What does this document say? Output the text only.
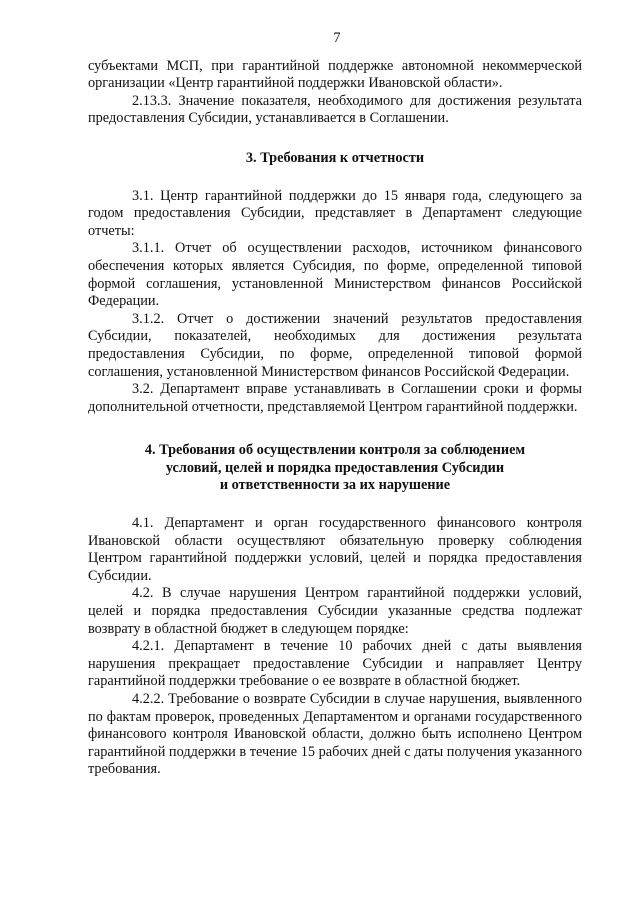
7

субъектами МСП, при гарантийной поддержке автономной некоммерческой организации «Центр гарантийной поддержки Ивановской области».

2.13.3. Значение показателя, необходимого для достижения результата предоставления Субсидии, устанавливается в Соглашении.

3. Требования к отчетности

3.1. Центр гарантийной поддержки до 15 января года, следующего за годом предоставления Субсидии, представляет в Департамент следующие отчеты:

3.1.1. Отчет об осуществлении расходов, источником финансового обеспечения которых является Субсидия, по форме, определенной типовой формой соглашения, установленной Министерством финансов Российской Федерации.

3.1.2. Отчет о достижении значений результатов предоставления Субсидии, показателей, необходимых для достижения результата предоставления Субсидии, по форме, определенной типовой формой соглашения, установленной Министерством финансов Российской Федерации.

3.2. Департамент вправе устанавливать в Соглашении сроки и формы дополнительной отчетности, представляемой Центром гарантийной поддержки.

4. Требования об осуществлении контроля за соблюдением
условий, целей и порядка предоставления Субсидии
и ответственности за их нарушение

4.1. Департамент и орган государственного финансового контроля Ивановской области осуществляют обязательную проверку соблюдения Центром гарантийной поддержки условий, целей и порядка предоставления Субсидии.

4.2. В случае нарушения Центром гарантийной поддержки условий, целей и порядка предоставления Субсидии указанные средства подлежат возврату в областной бюджет в следующем порядке:

4.2.1. Департамент в течение 10 рабочих дней с даты выявления нарушения прекращает предоставление Субсидии и направляет Центру гарантийной поддержки требование о ее возврате в областной бюджет.

4.2.2. Требование о возврате Субсидии в случае нарушения, выявленного по фактам проверок, проведенных Департаментом и органами государственного финансового контроля Ивановской области, должно быть исполнено Центром гарантийной поддержки в течение 15 рабочих дней с даты получения указанного требования.
